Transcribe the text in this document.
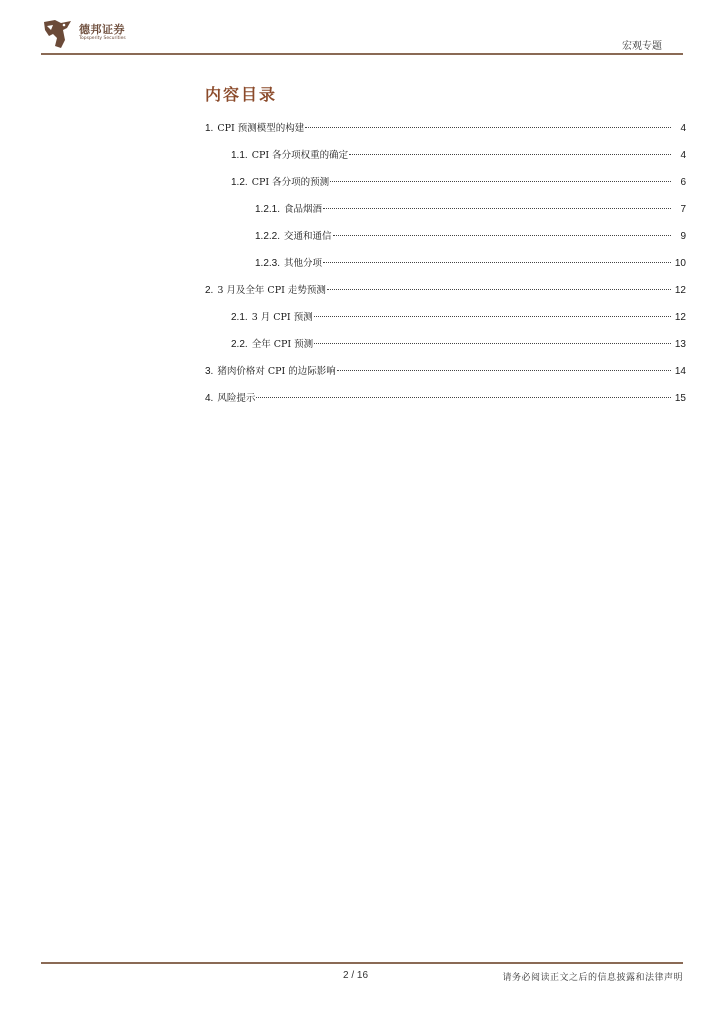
德邦证券
Topsperity Securities
宏观专题
内容目录
1. CPI 预测模型的构建	4
1.1. CPI 各分项权重的确定	4
1.2. CPI 各分项的预测	6
1.2.1. 食品烟酒	7
1.2.2. 交通和通信	9
1.2.3. 其他分项	10
2. 3 月及全年 CPI 走势预测	12
2.1. 3 月 CPI 预测	12
2.2. 全年 CPI 预测	13
3. 猪肉价格对 CPI 的边际影响	14
4. 风险提示	15
2 / 16	请务必阅读正文之后的信息披露和法律声明
